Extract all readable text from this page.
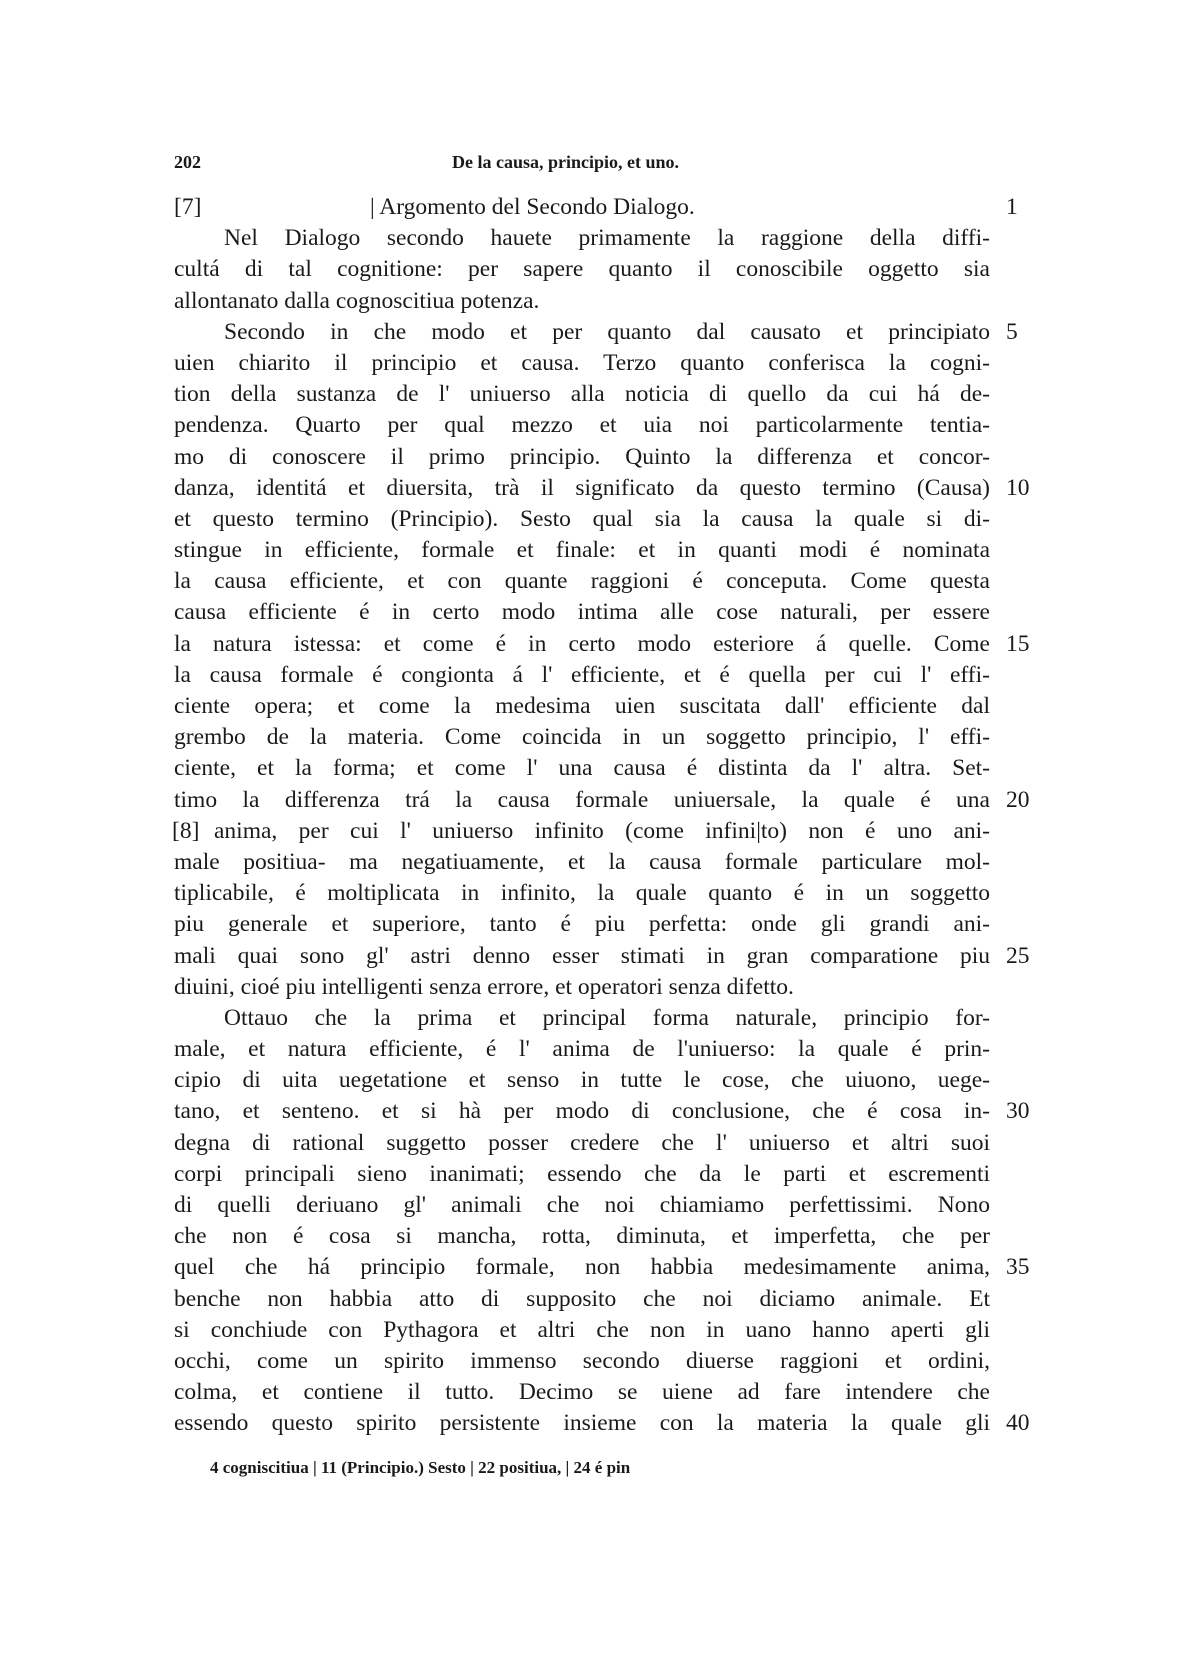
202	De la causa, principio, et uno.
[7]	| Argomento del Secondo Dialogo.	1
Nel Dialogo secondo hauete primamente la raggione della diffi-
cultá di tal cognitione: per sapere quanto il conoscibile oggetto sia
allontanato dalla cognoscitiua potenza.
Secondo in che modo et per quanto dal causato et principiato 5
uien chiarito il principio et causa. Terzo quanto conferisca la cogni-
tion della sustanza de l' uniuerso alla noticia di quello da cui há de-
pendenza. Quarto per qual mezzo et uia noi particolarmente tentia-
mo di conoscere il primo principio. Quinto la differenza et concor-
danza, identitá et diuersita, trà il significato da questo termino (Causa) 10
et questo termino (Principio). Sesto qual sia la causa la quale si di-
stingue in efficiente, formale et finale: et in quanti modi é nominata
la causa efficiente, et con quante raggioni é conceputa. Come questa
causa efficiente é in certo modo intima alle cose naturali, per essere
la natura istessa: et come é in certo modo esteriore á quelle. Come 15
la causa formale é congionta á l' efficiente, et é quella per cui l' effi-
ciente opera; et come la medesima uien suscitata dall' efficiente dal
grembo de la materia. Come coincida in un soggetto principio, l' effi-
ciente, et la forma; et come l' una causa é distinta da l' altra. Set-
timo la differenza trá la causa formale uniuersale, la quale é una 20
anima, per cui l' uniuerso infinito (come infini|to) non é uno ani-
[8]
male positiua- ma negatiuamente, et la causa formale particulare mol-
tiplicabile, é moltiplicata in infinito, la quale quanto é in un soggetto
piu generale et superiore, tanto é piu perfetta: onde gli grandi ani-
mali quai sono gl' astri denno esser stimati in gran comparatione piu 25
diuini, cioé piu intelligenti senza errore, et operatori senza difetto.
Ottauo che la prima et principal forma naturale, principio for-
male, et natura efficiente, é l' anima de l'uniuerso: la quale é prin-
cipio di uita uegetatione et senso in tutte le cose, che uiuono, uege-
tano, et senteno. et si hà per modo di conclusione, che é cosa in- 30
degna di rational suggetto posser credere che l' uniuerso et altri suoi
corpi principali sieno inanimati; essendo che da le parti et escrementi
di quelli deriuano gl' animali che noi chiamiamo perfettissimi. Nono
che non é cosa si mancha, rotta, diminuta, et imperfetta, che per
quel che há principio formale, non habbia medesimamente anima, 35
benche non habbia atto di supposito che noi diciamo animale. Et
si conchiude con Pythagora et altri che non in uano hanno aperti gli
occhi, come un spirito immenso secondo diuerse raggioni et ordini,
colma, et contiene il tutto. Decimo se uiene ad fare intendere che
essendo questo spirito persistente insieme con la materia la quale gli 40
4 cogniscitiua | 11 (Principio.) Sesto | 22 positiua, | 24 é pin
